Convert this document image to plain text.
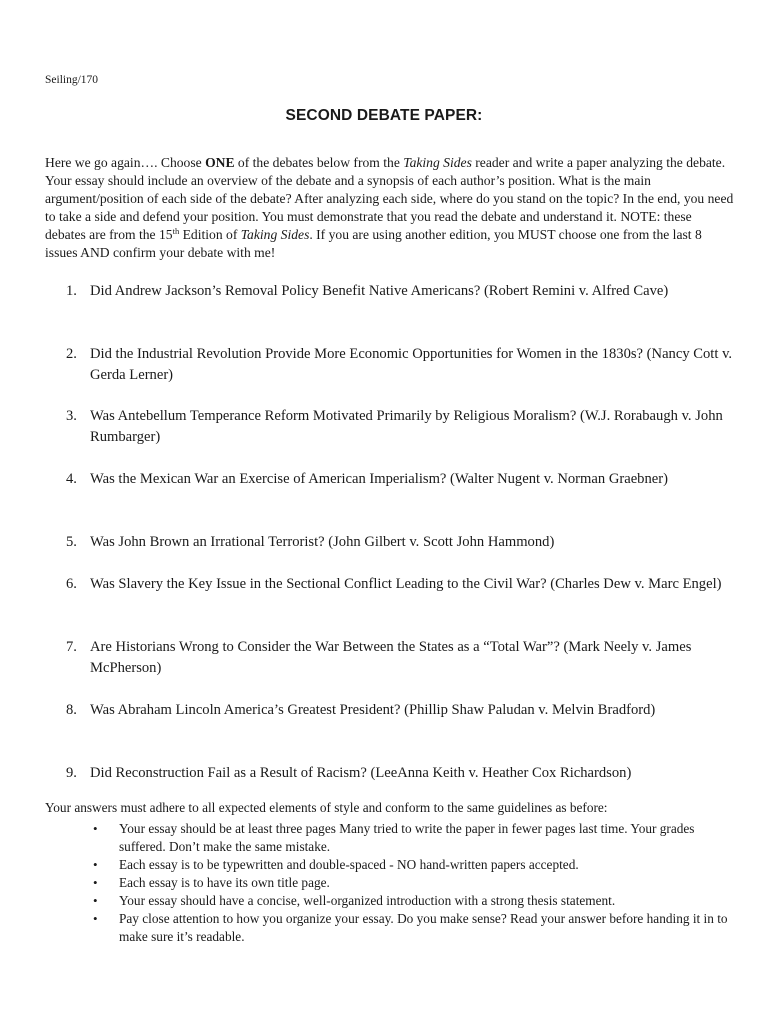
Seiling/170
SECOND DEBATE PAPER:

Here we go again…. Choose ONE of the debates below from the Taking Sides reader and write a paper analyzing the debate. Your essay should include an overview of the debate and a synopsis of each author’s position. What is the main argument/position of each side of the debate? After analyzing each side, where do you stand on the topic? In the end, you need to take a side and defend your position. You must demonstrate that you read the debate and understand it. NOTE: these debates are from the 15th Edition of Taking Sides. If you are using another edition, you MUST choose one from the last 8 issues AND confirm your debate with me!

1. Did Andrew Jackson’s Removal Policy Benefit Native Americans? (Robert Remini v. Alfred Cave)
2. Did the Industrial Revolution Provide More Economic Opportunities for Women in the 1830s? (Nancy Cott v. Gerda Lerner)
3. Was Antebellum Temperance Reform Motivated Primarily by Religious Moralism? (W.J. Rorabaugh v. John Rumbarger)
4. Was the Mexican War an Exercise of American Imperialism? (Walter Nugent v. Norman Graebner)
5. Was John Brown an Irrational Terrorist? (John Gilbert v. Scott John Hammond)
6. Was Slavery the Key Issue in the Sectional Conflict Leading to the Civil War? (Charles Dew v. Marc Engel)
7. Are Historians Wrong to Consider the War Between the States as a “Total War”? (Mark Neely v. James McPherson)
8. Was Abraham Lincoln America’s Greatest President? (Phillip Shaw Paludan v. Melvin Bradford)
9. Did Reconstruction Fail as a Result of Racism? (LeeAnna Keith v. Heather Cox Richardson)
Your answers must adhere to all expected elements of style and conform to the same guidelines as before:
•	Your essay should be at least three pages Many tried to write the paper in fewer pages last time. Your grades suffered. Don’t make the same mistake.
•	Each essay is to be typewritten and double-spaced - NO hand-written papers accepted.
•	Each essay is to have its own title page.
•	Your essay should have a concise, well-organized introduction with a strong thesis statement.
•	Pay close attention to how you organize your essay. Do you make sense? Read your answer before handing it in to make sure it’s readable.
